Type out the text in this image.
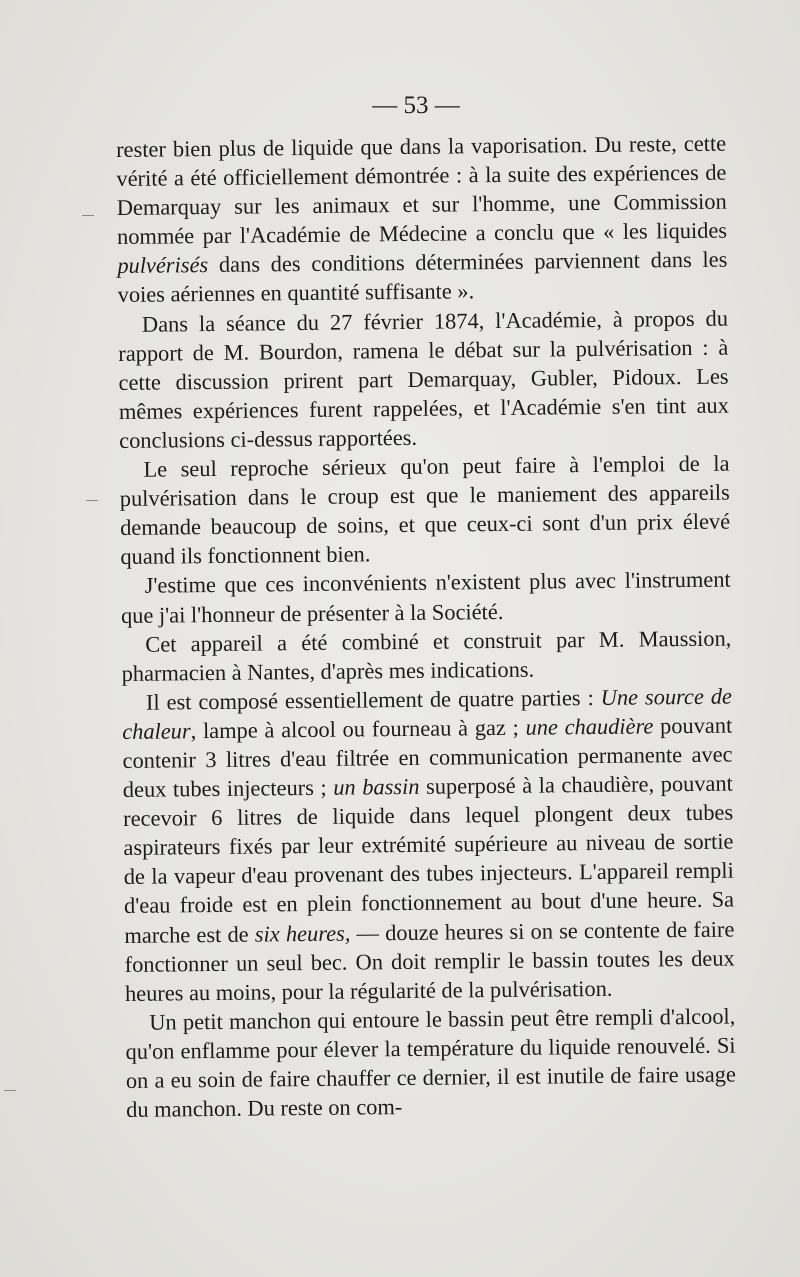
— 53 —

rester bien plus de liquide que dans la vaporisation. Du reste, cette vérité a été officiellement démontrée : à la suite des expériences de Demarquay sur les animaux et sur l'homme, une Commission nommée par l'Académie de Médecine a conclu que « les liquides pulvérisés dans des conditions déterminées parviennent dans les voies aériennes en quantité suffisante ».

Dans la séance du 27 février 1874, l'Académie, à propos du rapport de M. Bourdon, ramena le débat sur la pulvérisation : à cette discussion prirent part Demarquay, Gubler, Pidoux. Les mêmes expériences furent rappelées, et l'Académie s'en tint aux conclusions ci-dessus rapportées.

Le seul reproche sérieux qu'on peut faire à l'emploi de la pulvérisation dans le croup est que le maniement des appareils demande beaucoup de soins, et que ceux-ci sont d'un prix élevé quand ils fonctionnent bien.

J'estime que ces inconvénients n'existent plus avec l'instrument que j'ai l'honneur de présenter à la Société.

Cet appareil a été combiné et construit par M. Maussion, pharmacien à Nantes, d'après mes indications.

Il est composé essentiellement de quatre parties : Une source de chaleur, lampe à alcool ou fourneau à gaz ; une chaudière pouvant contenir 3 litres d'eau filtrée en communication permanente avec deux tubes injecteurs ; un bassin superposé à la chaudière, pouvant recevoir 6 litres de liquide dans lequel plongent deux tubes aspirateurs fixés par leur extrémité supérieure au niveau de sortie de la vapeur d'eau provenant des tubes injecteurs. L'appareil rempli d'eau froide est en plein fonctionnement au bout d'une heure. Sa marche est de six heures, — douze heures si on se contente de faire fonctionner un seul bec. On doit remplir le bassin toutes les deux heures au moins, pour la régularité de la pulvérisation.

Un petit manchon qui entoure le bassin peut être rempli d'alcool, qu'on enflamme pour élever la température du liquide renouvelé. Si on a eu soin de faire chauffer ce dernier, il est inutile de faire usage du manchon. Du reste on com-
